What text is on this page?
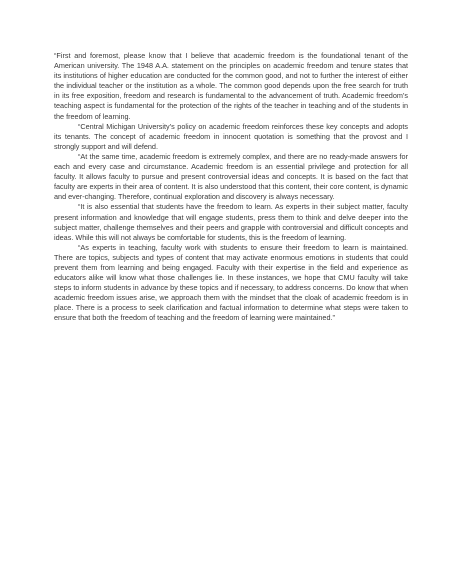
“First and foremost, please know that I believe that academic freedom is the foundational tenant of the American university. The 1948 A.A. statement on the principles on academic freedom and tenure states that its institutions of higher education are conducted for the common good, and not to further the interest of either the individual teacher or the institution as a whole. The common good depends upon the free search for truth in its free exposition, freedom and research is fundamental to the advancement of truth. Academic freedom’s teaching aspect is fundamental for the protection of the rights of the teacher in teaching and of the students in the freedom of learning.

“Central Michigan University’s policy on academic freedom reinforces these key concepts and adopts its tenants. The concept of academic freedom in innocent quotation is something that the provost and I strongly support and will defend.

“At the same time, academic freedom is extremely complex, and there are no ready-made answers for each and every case and circumstance. Academic freedom is an essential privilege and protection for all faculty. It allows faculty to pursue and present controversial ideas and concepts. It is based on the fact that faculty are experts in their area of content. It is also understood that this content, their core content, is dynamic and ever-changing. Therefore, continual exploration and discovery is always necessary.

“It is also essential that students have the freedom to learn. As experts in their subject matter, faculty present information and knowledge that will engage students, press them to think and delve deeper into the subject matter, challenge themselves and their peers and grapple with controversial and difficult concepts and ideas. While this will not always be comfortable for students, this is the freedom of learning.

“As experts in teaching, faculty work with students to ensure their freedom to learn is maintained. There are topics, subjects and types of content that may activate enormous emotions in students that could prevent them from learning and being engaged. Faculty with their expertise in the field and experience as educators alike will know what those challenges lie. In these instances, we hope that CMU faculty will take steps to inform students in advance by these topics and if necessary, to address concerns. Do know that when academic freedom issues arise, we approach them with the mindset that the cloak of academic freedom is in place. There is a process to seek clarification and factual information to determine what steps were taken to ensure that both the freedom of teaching and the freedom of learning were maintained.”
